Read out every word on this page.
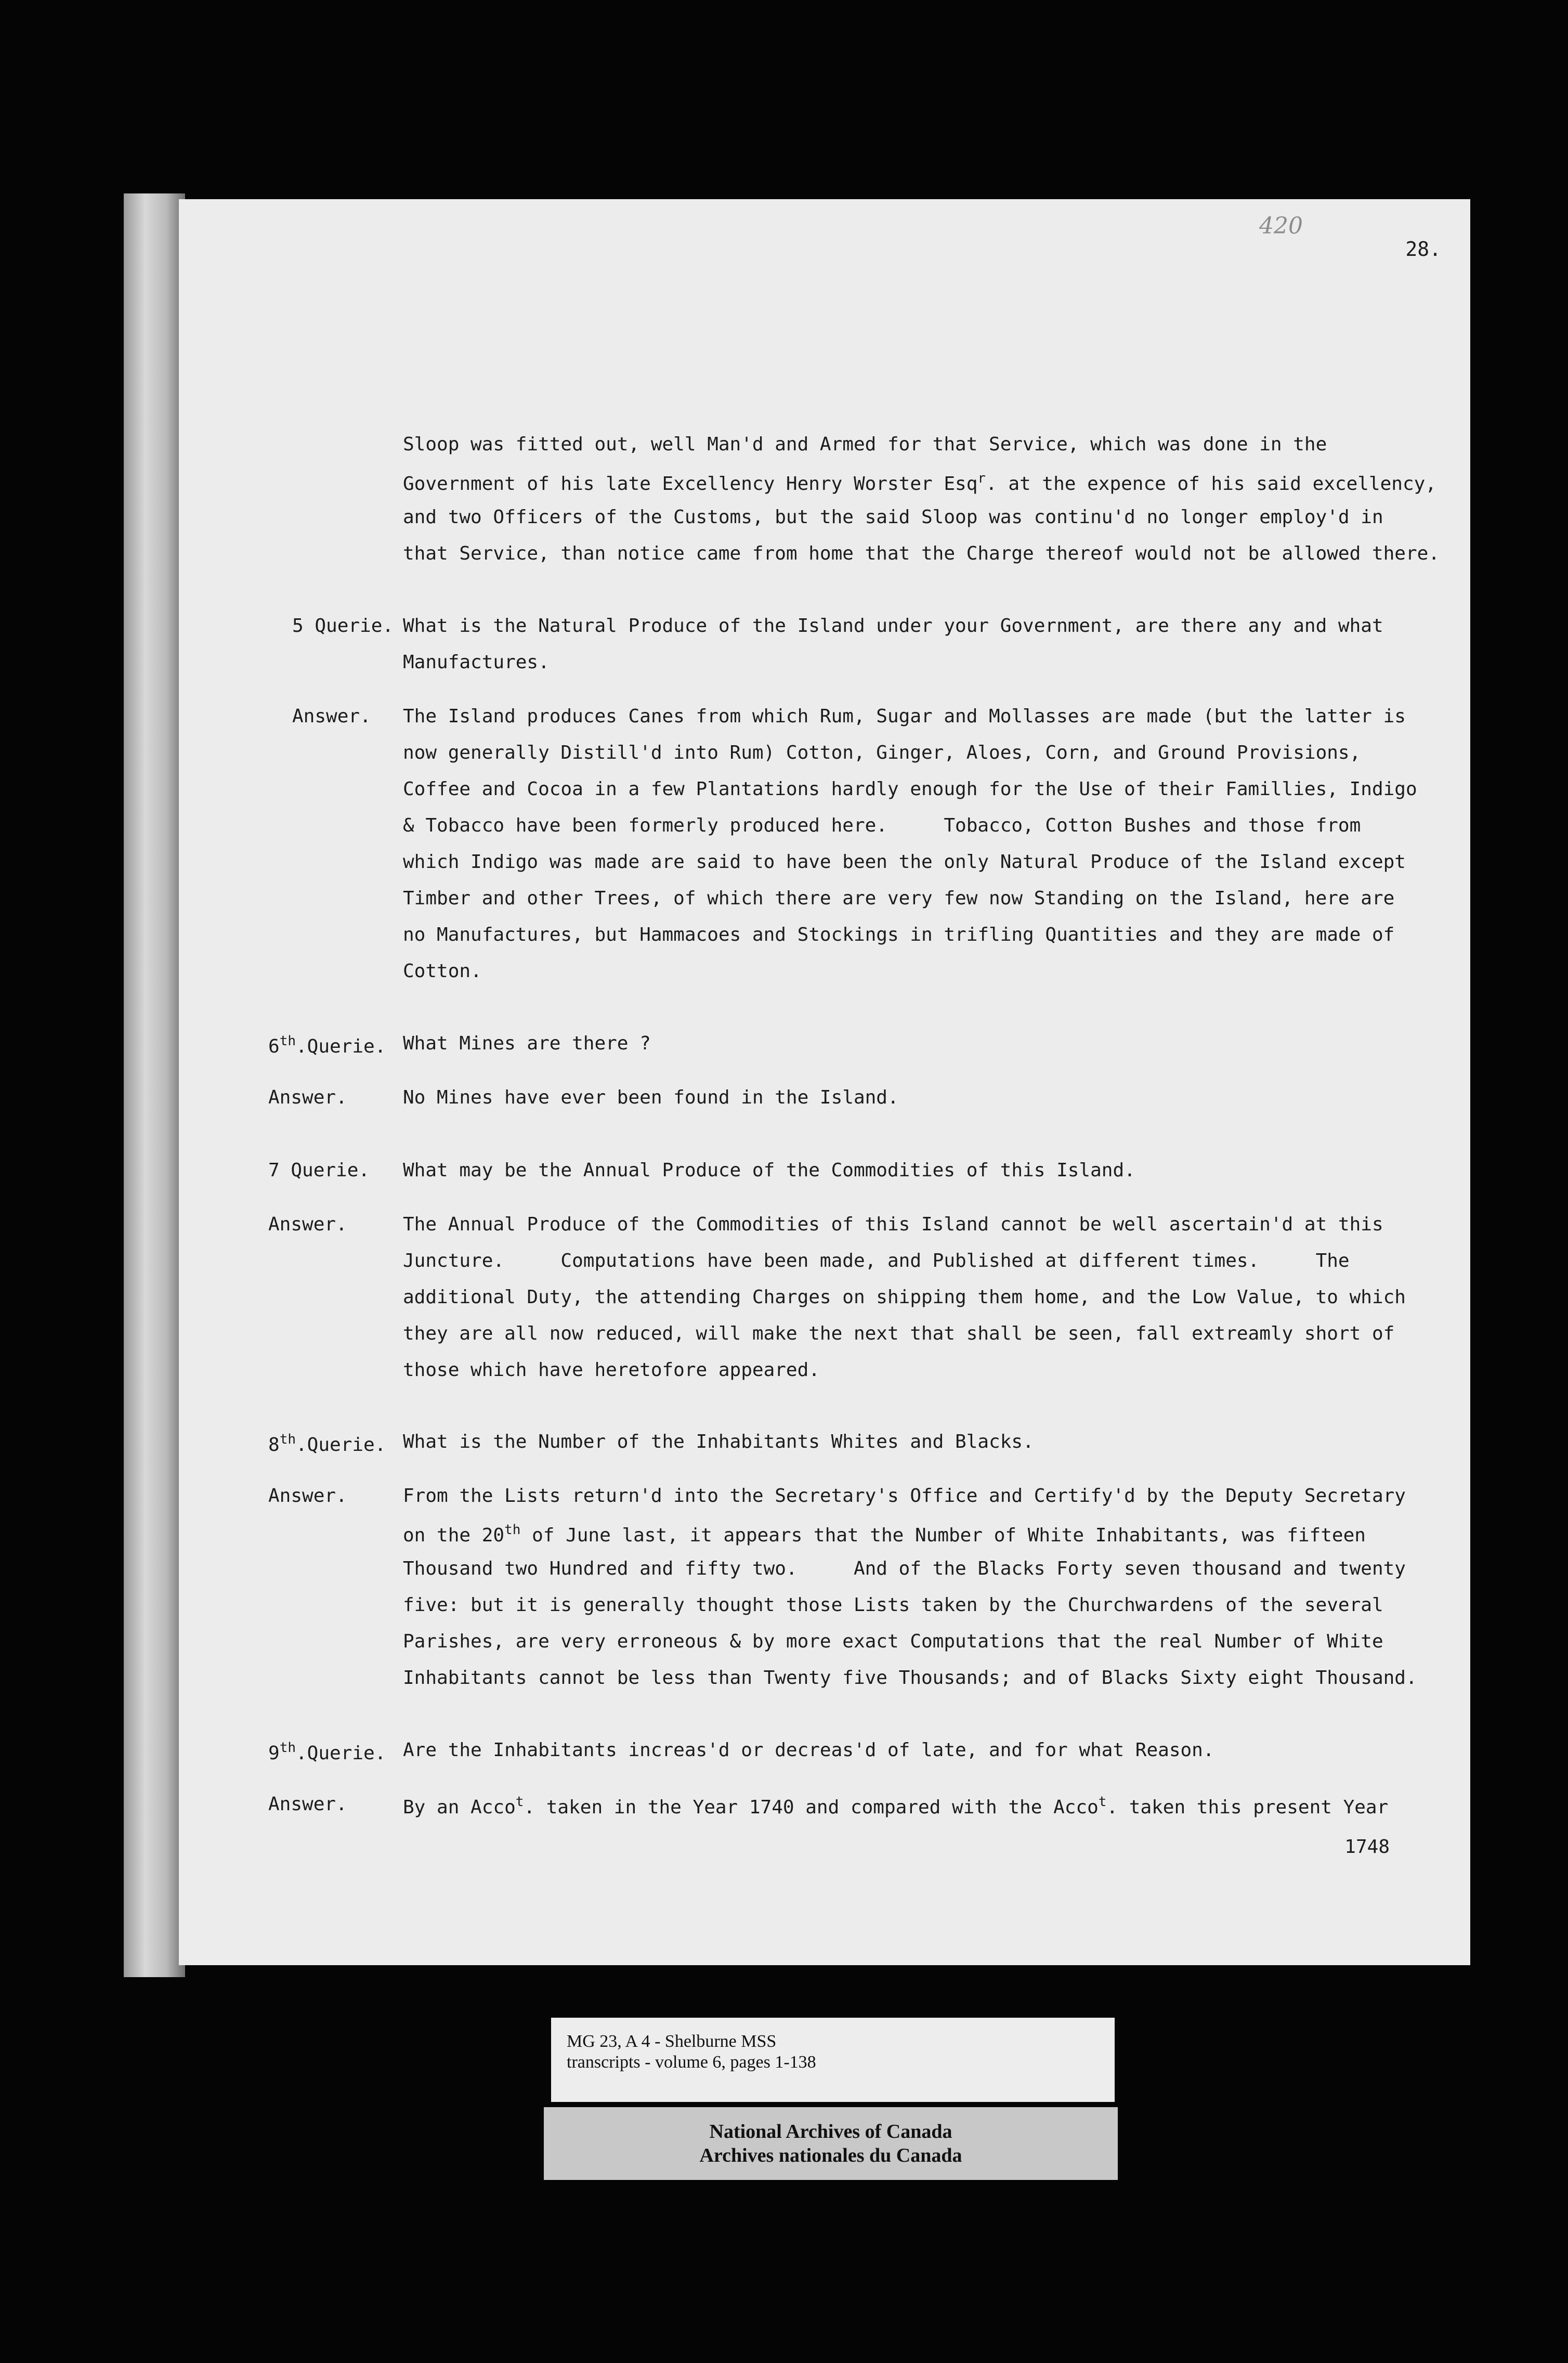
420
28.
Sloop was fitted out, well Man'd and Armed for that Service, which was done in the
Government of his late Excellency Henry Worster Esq$^r$. at the expence of his said excellency,
and two Officers of the Customs, but the said Sloop was continu'd no longer employ'd in
that Service, than notice came from home that the Charge thereof would not be allowed there.
5 Querie. What is the Natural Produce of the Island under your Government, are there any and what
Manufactures.
Answer. The Island produces Canes from which Rum, Sugar and Mollasses are made (but the latter is
now generally Distill'd into Rum) Cotton, Ginger, Aloes, Corn, and Ground Provisions,
Coffee and Cocoa in a few Plantations hardly enough for the Use of their Famillies, Indigo
& Tobacco have been formerly produced here.     Tobacco, Cotton Bushes and those from
which Indigo was made are said to have been the only Natural Produce of the Island except
Timber and other Trees, of which there are very few now Standing on the Island, here are
no Manufactures, but Hammacoes and Stockings in trifling Quantities and they are made of
Cotton.
6th.Querie. What Mines are there ?
Answer.	No Mines have ever been found in the Island.
7 Querie. What may be the Annual Produce of the Commodities of this Island.
Answer.	The Annual Produce of the Commodities of this Island cannot be well ascertain'd at this
Juncture.     Computations have been made, and Published at different times.     The
additional Duty, the attending Charges on shipping them home, and the Low Value, to which
they are all now reduced, will make the next that shall be seen, fall extreamly short of
those which have heretofore appeared.
8th.Querie. What is the Number of the Inhabitants Whites and Blacks.
Answer.	From the Lists return'd into the Secretary's Office and Certify'd by the Deputy Secretary
on the 20th of June last, it appears that the Number of White Inhabitants, was fifteen
Thousand two Hundred and fifty two.     And of the Blacks Forty seven thousand and twenty
five: but it is generally thought those Lists taken by the Churchwardens of the several
Parishes, are very erroneous & by more exact Computations that the real Number of White
Inhabitants cannot be less than Twenty five Thousands; and of Blacks Sixty eight Thousand.
9th.Querie. Are the Inhabitants increas'd or decreas'd of late, and for what Reason.
Answer.	By an Acco$^t$. taken in the Year 1740 and compared with the Acco$^t$. taken this present Year
1748
MG 23, A 4 - Shelburne MSS
transcripts - volume 6, pages 1-138
National Archives of Canada
Archives nationales du Canada
